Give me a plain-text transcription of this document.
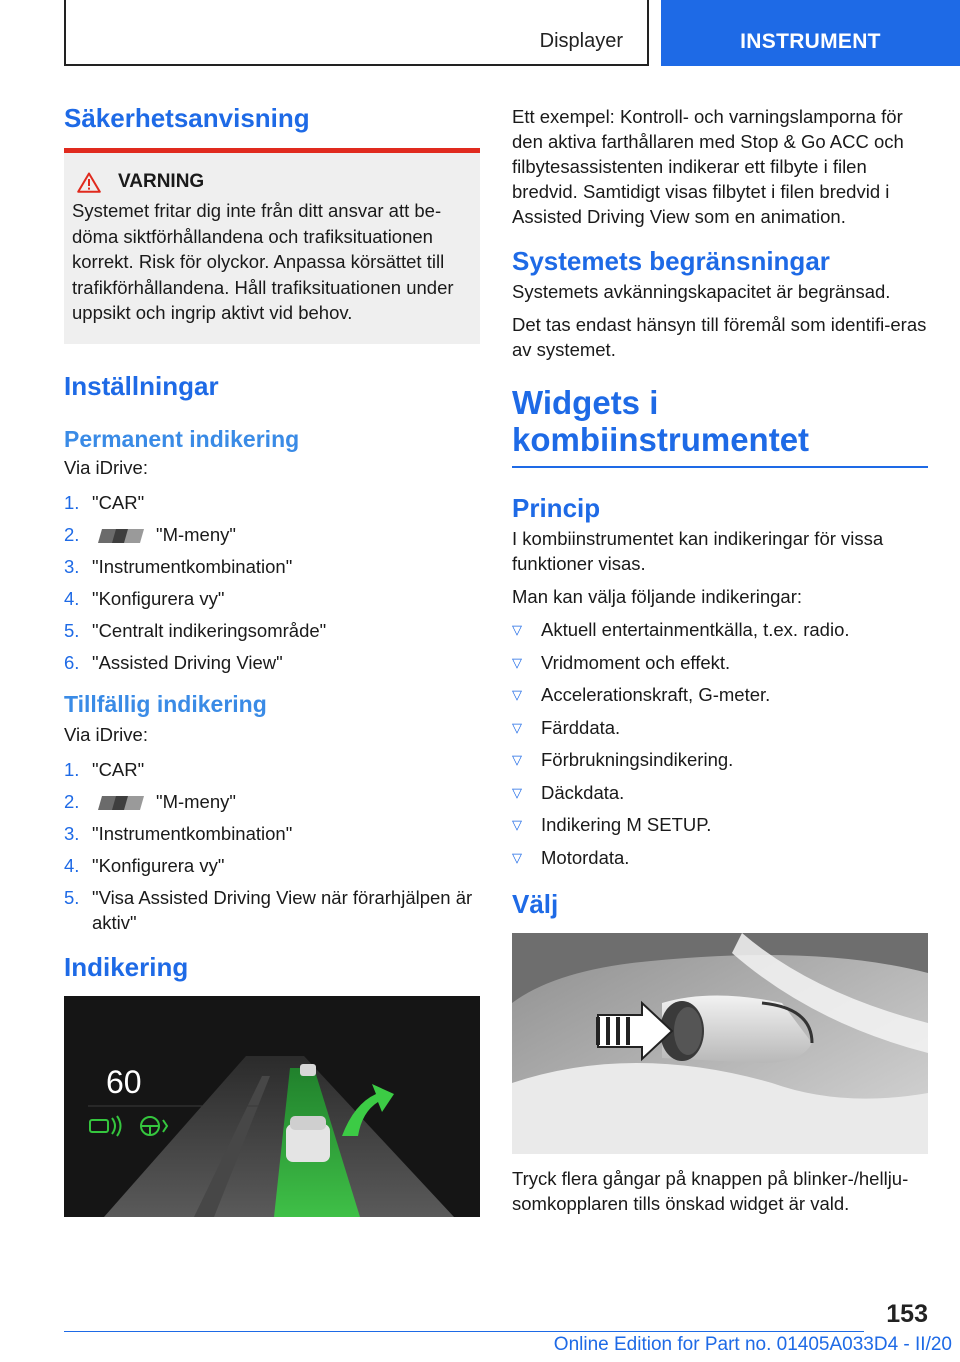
Displayer	INSTRUMENT
Säkerhetsanvisning
VARNING
Systemet fritar dig inte från ditt ansvar att be-döma siktförhållandena och trafiksituationen korrekt. Risk för olyckor. Anpassa körsättet till trafikförhållandena. Håll trafiksituationen under uppsikt och ingrip aktivt vid behov.
Inställningar
Permanent indikering
Via iDrive:
1. "CAR"
2.	"M-meny"
3. "Instrumentkombination"
4. "Konfigurera vy"
5. "Centralt indikeringsområde"
6. "Assisted Driving View"
Tillfällig indikering
Via iDrive:
1. "CAR"
2.	"M-meny"
3. "Instrumentkombination"
4. "Konfigurera vy"
5. "Visa Assisted Driving View när förarhjälpen är aktiv"
Indikering
60
Ett exempel: Kontroll- och varningslamporna för den aktiva farthållaren med Stop & Go ACC och filbytesassistenten indikerar ett filbyte i filen bredvid. Samtidigt visas filbytet i filen bredvid i Assisted Driving View som en animation.
Systemets begränsningar
Systemets avkänningskapacitet är begränsad.
Det tas endast hänsyn till föremål som identifi-eras av systemet.
Widgets i kombiinstrumentet
Princip
I kombiinstrumentet kan indikeringar för vissa funktioner visas.
Man kan välja följande indikeringar:
▽	Aktuell entertainmentkälla, t.ex. radio.
▽	Vridmoment och effekt.
▽	Accelerationskraft, G-meter.
▽	Färddata.
▽	Förbrukningsindikering.
▽	Däckdata.
▽	Indikering M SETUP.
▽	Motordata.
Välj
Tryck flera gångar på knappen på blinker-/hellju-somkopplaren tills önskad widget är vald.
153
Online Edition for Part no. 01405A033D4 - II/20
